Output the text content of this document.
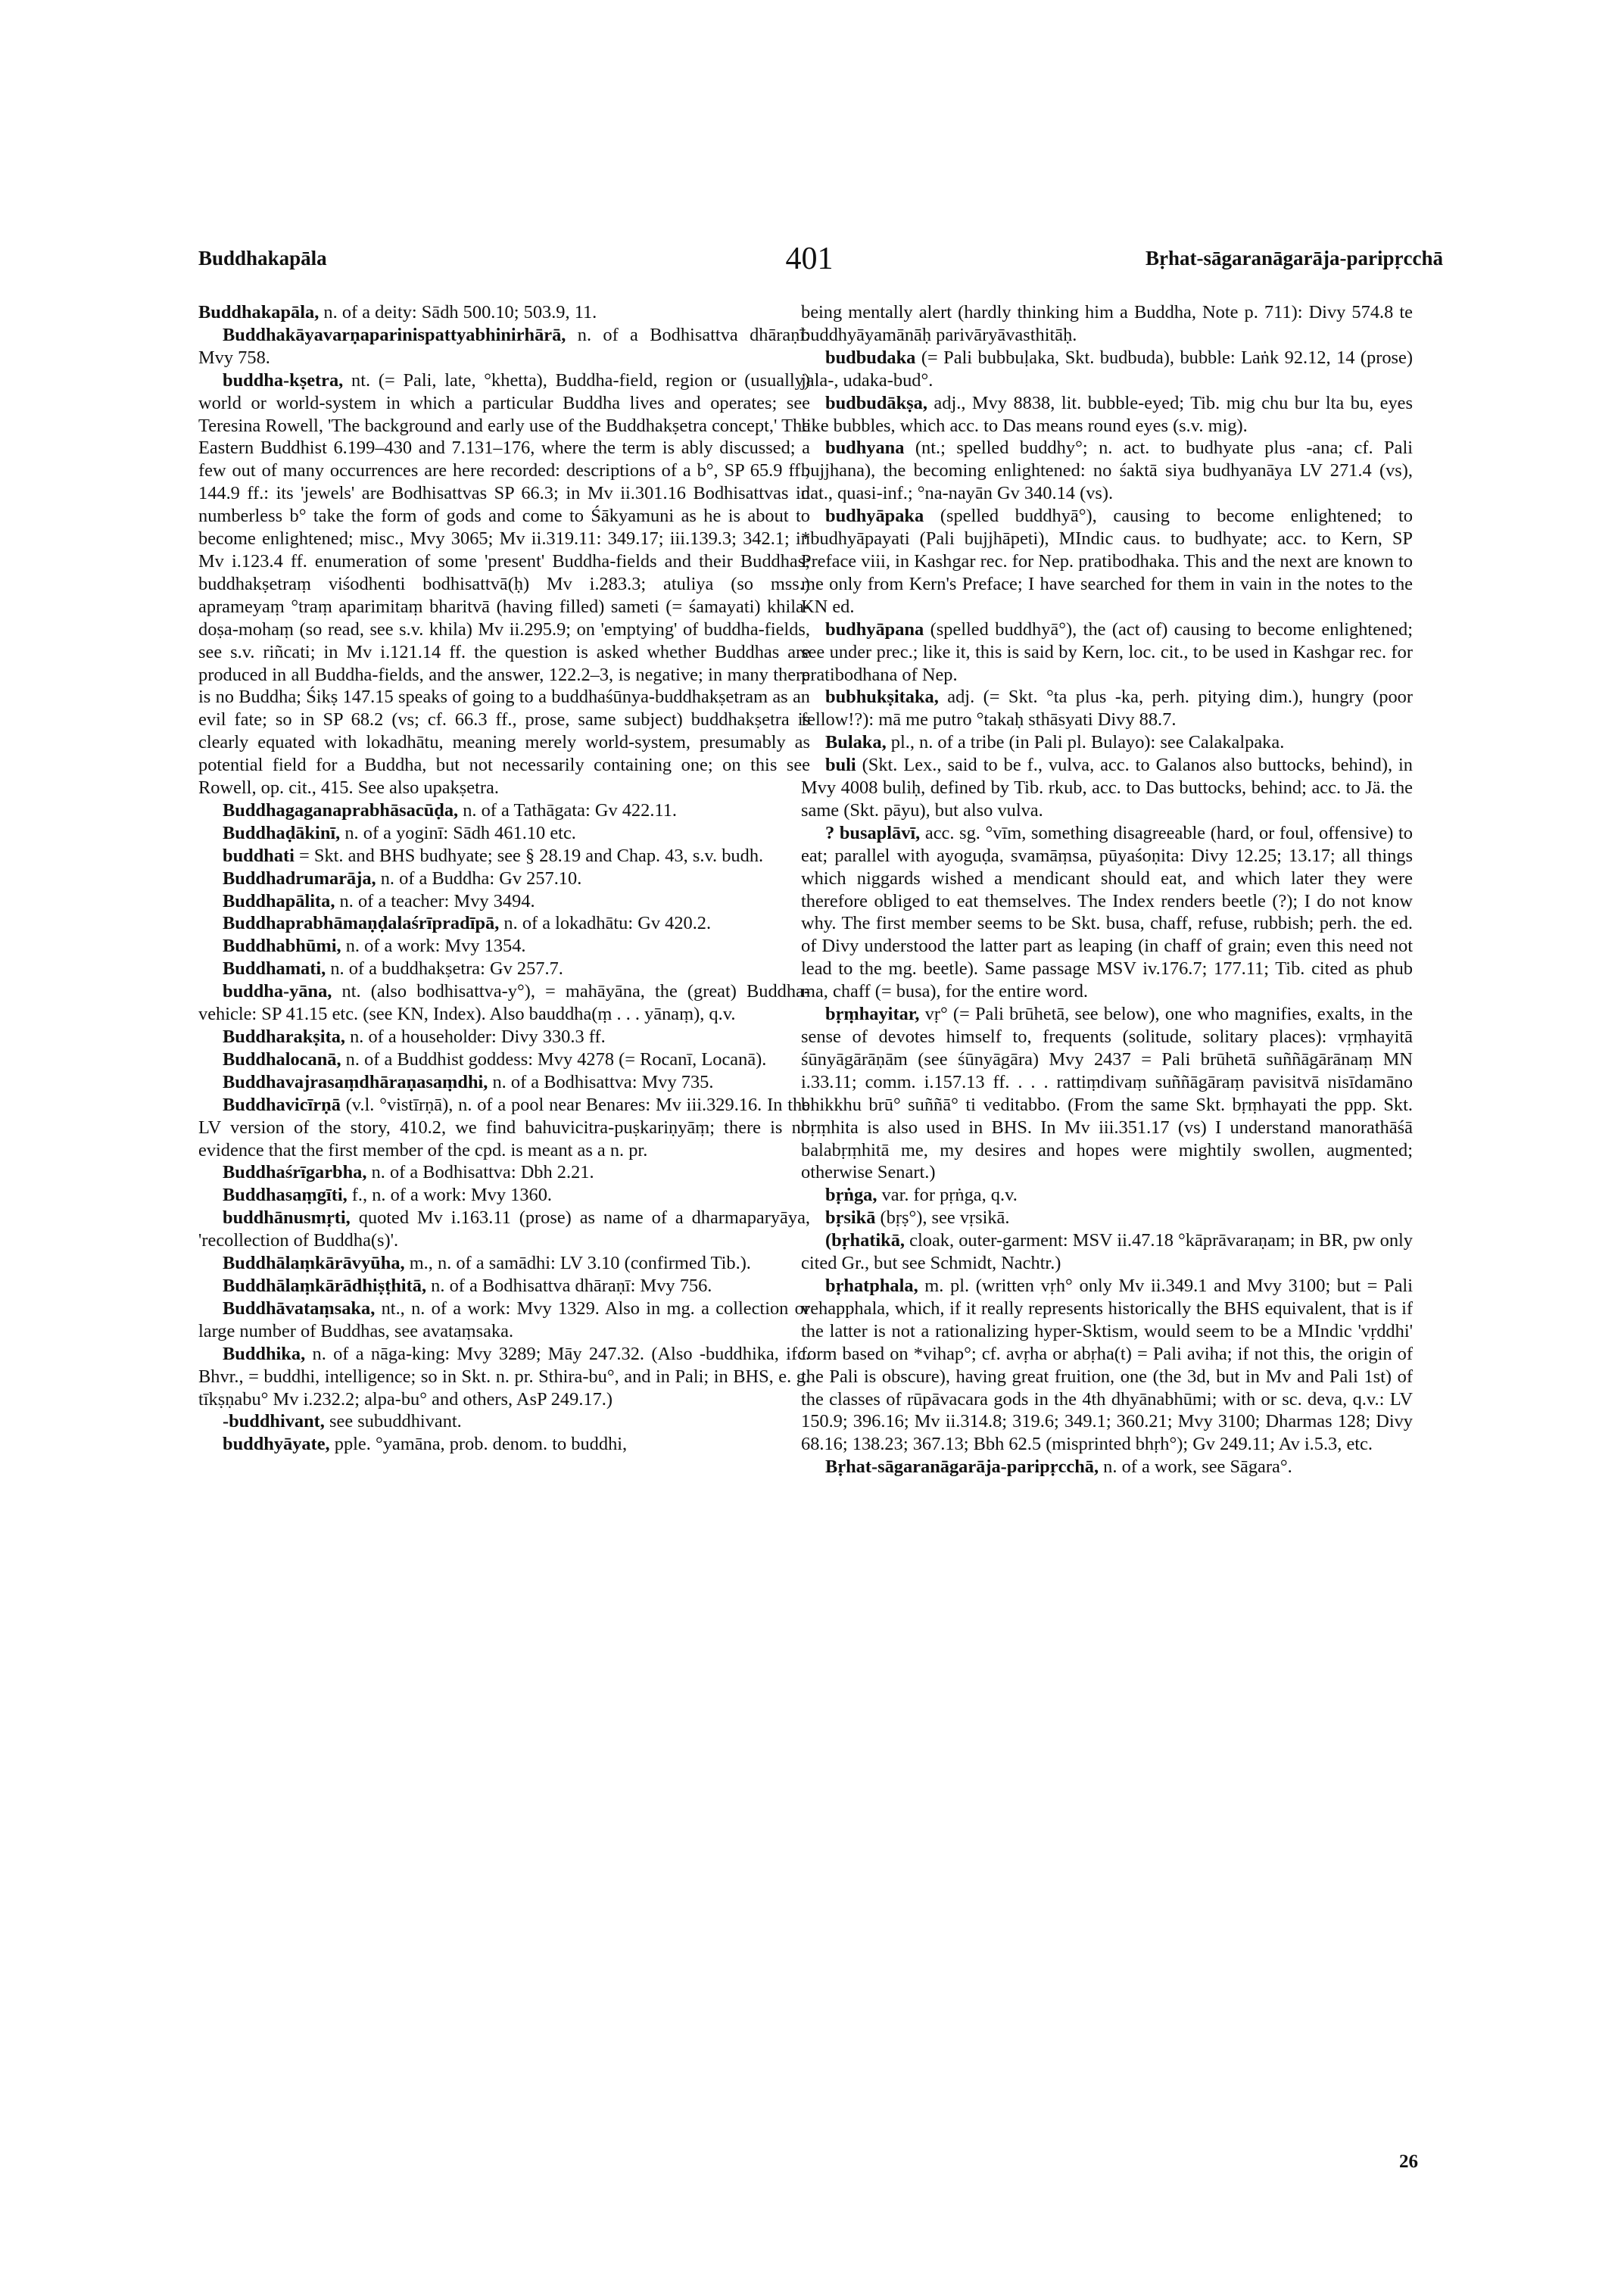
Buddhakapāla	401	Bṛhat-sāgaranāgarāja-paripṛcchā

Buddhakapāla, n. of a deity: Sādh 500.10; 503.9, 11.

Buddhakāyavarṇaparinispattyabhinirhārā, n. of a Bodhisattva dhāraṇī: Mvy 758.

buddha-kṣetra, nt. (= Pali, late, °khetta), Buddha-field, region or (usually) world or world-system in which a particular Buddha lives and operates; see Teresina Rowell, 'The background and early use of the Buddhakṣetra concept,' The Eastern Buddhist 6.199–430 and 7.131–176, where the term is ably discussed; a few out of many occurrences are here recorded: descriptions of a b°, SP 65.9 ff.; 144.9 ff.: its 'jewels' are Bodhisattvas SP 66.3; in Mv ii.301.16 Bodhisattvas in numberless b° take the form of gods and come to Śākyamuni as he is about to become enlightened; misc., Mvy 3065; Mv ii.319.11: 349.17; iii.139.3; 342.1; in Mv i.123.4 ff. enumeration of some 'present' Buddha-fields and their Buddhas; buddhakṣetraṃ viśodhenti bodhisattvā(ḥ) Mv i.283.3; atuliya (so mss.) aprameyaṃ °traṃ aparimitaṃ bharitvā (having filled) sameti (= śamayati) khila-doṣa-mohaṃ (so read, see s.v. khila) Mv ii.295.9; on 'emptying' of buddha-fields, see s.v. riñcati; in Mv i.121.14 ff. the question is asked whether Buddhas are produced in all Buddha-fields, and the answer, 122.2–3, is negative; in many there is no Buddha; Śikṣ 147.15 speaks of going to a buddhaśūnya-buddhakṣetram as an evil fate; so in SP 68.2 (vs; cf. 66.3 ff., prose, same subject) buddhakṣetra is clearly equated with lokadhātu, meaning merely world-system, presumably as potential field for a Buddha, but not necessarily containing one; on this see Rowell, op. cit., 415. See also upakṣetra.

Buddhagaganaprabhāsacūḍa, n. of a Tathāgata: Gv 422.11.

Buddhaḍākinī, n. of a yoginī: Sādh 461.10 etc.

buddhati = Skt. and BHS budhyate; see § 28.19 and Chap. 43, s.v. budh.

Buddhadrumarāja, n. of a Buddha: Gv 257.10.

Buddhapālita, n. of a teacher: Mvy 3494.

Buddhaprabhāmaṇḍalaśrīpradīpā, n. of a lokadhātu: Gv 420.2.

Buddhabhūmi, n. of a work: Mvy 1354.

Buddhamati, n. of a buddhakṣetra: Gv 257.7.

buddha-yāna, nt. (also bodhisattva-y°), = mahāyāna, the (great) Buddha-vehicle: SP 41.15 etc. (see KN, Index). Also bauddha(ṃ . . . yānaṃ), q.v.

Buddharakṣita, n. of a householder: Divy 330.3 ff.

Buddhalocanā, n. of a Buddhist goddess: Mvy 4278 (= Rocanī, Locanā).

Buddhavajrasaṃdhāraṇasaṃdhi, n. of a Bodhisattva: Mvy 735.

Buddhavicīrṇā (v.l. °vistīrṇā), n. of a pool near Benares: Mv iii.329.16. In the LV version of the story, 410.2, we find bahuvicitra-puṣkariṇyāṃ; there is no evidence that the first member of the cpd. is meant as a n. pr.

Buddhaśrīgarbha, n. of a Bodhisattva: Dbh 2.21.

Buddhasaṃgīti, f., n. of a work: Mvy 1360.

buddhānusmṛti, quoted Mv i.163.11 (prose) as name of a dharmaparyāya, 'recollection of Buddha(s)'.

Buddhālaṃkārāvyūha, m., n. of a samādhi: LV 3.10 (confirmed Tib.).

Buddhālaṃkārādhiṣṭhitā, n. of a Bodhisattva dhāraṇī: Mvy 756.

Buddhāvataṃsaka, nt., n. of a work: Mvy 1329. Also in mg. a collection or large number of Buddhas, see avataṃsaka.

Buddhika, n. of a nāga-king: Mvy 3289; Māy 247.32. (Also -buddhika, ifc. Bhvr., = buddhi, intelligence; so in Skt. n. pr. Sthira-bu°, and in Pali; in BHS, e. g. tīkṣṇabu° Mv i.232.2; alpa-bu° and others, AsP 249.17.)

-buddhivant, see subuddhivant.

buddhyāyate, pple. °yamāna, prob. denom. to buddhi,

being mentally alert (hardly thinking him a Buddha, Note p. 711): Divy 574.8 te buddhyāyamānāḥ parivāryāvasthitāḥ.

budbudaka (= Pali bubbuḷaka, Skt. budbuda), bubble: Laṅk 92.12, 14 (prose) jala-, udaka-bud°.

budbudākṣa, adj., Mvy 8838, lit. bubble-eyed; Tib. mig chu bur lta bu, eyes like bubbles, which acc. to Das means round eyes (s.v. mig).

budhyana (nt.; spelled buddhy°; n. act. to budhyate plus -ana; cf. Pali bujjhana), the becoming enlightened: no śaktā siya budhyanāya LV 271.4 (vs), dat., quasi-inf.; °na-nayān Gv 340.14 (vs).

budhyāpaka (spelled buddhyā°), causing to become enlightened; to *budhyāpayati (Pali bujjhāpeti), MIndic caus. to budhyate; acc. to Kern, SP Preface viii, in Kashgar rec. for Nep. pratibodhaka. This and the next are known to me only from Kern's Preface; I have searched for them in vain in the notes to the KN ed.

budhyāpana (spelled buddhyā°), the (act of) causing to become enlightened; see under prec.; like it, this is said by Kern, loc. cit., to be used in Kashgar rec. for pratibodhana of Nep.

bubhukṣitaka, adj. (= Skt. °ta plus -ka, perh. pitying dim.), hungry (poor fellow!?): mā me putro °takaḥ sthāsyati Divy 88.7.

Bulaka, pl., n. of a tribe (in Pali pl. Bulayo): see Calakalpaka.

buli (Skt. Lex., said to be f., vulva, acc. to Galanos also buttocks, behind), in Mvy 4008 buliḥ, defined by Tib. rkub, acc. to Das buttocks, behind; acc. to Jä. the same (Skt. pāyu), but also vulva.

? busaplāvī, acc. sg. °vīm, something disagreeable (hard, or foul, offensive) to eat; parallel with ayoguḍa, svamāṃsa, pūyaśoṇita: Divy 12.25; 13.17; all things which niggards wished a mendicant should eat, and which later they were therefore obliged to eat themselves. The Index renders beetle (?); I do not know why. The first member seems to be Skt. busa, chaff, refuse, rubbish; perh. the ed. of Divy understood the latter part as leaping (in chaff of grain; even this need not lead to the mg. beetle). Same passage MSV iv.176.7; 177.11; Tib. cited as phub ma, chaff (= busa), for the entire word.

bṛṃhayitar, vṛ° (= Pali brūhetā, see below), one who magnifies, exalts, in the sense of devotes himself to, frequents (solitude, solitary places): vṛṃhayitā śūnyāgārāṇām (see śūnyāgāra) Mvy 2437 = Pali brūhetā suññāgārānaṃ MN i.33.11; comm. i.157.13 ff. . . . rattiṃdivaṃ suññāgāraṃ pavisitvā nisīdamāno bhikkhu brū° suññā° ti veditabbo. (From the same Skt. bṛṃhayati the ppp. Skt. bṛṃhita is also used in BHS. In Mv iii.351.17 (vs) I understand manorathāśā balabṛṃhitā me, my desires and hopes were mightily swollen, augmented; otherwise Senart.)

bṛṅga, var. for pṛṅga, q.v.

bṛsikā (bṛṣ°), see vṛsikā.

(bṛhatikā, cloak, outer-garment: MSV ii.47.18 °kāprāvaraṇam; in BR, pw only cited Gr., but see Schmidt, Nachtr.)

bṛhatphala, m. pl. (written vṛh° only Mv ii.349.1 and Mvy 3100; but = Pali vehapphala, which, if it really represents historically the BHS equivalent, that is if the latter is not a rationalizing hyper-Sktism, would seem to be a MIndic 'vṛddhi' form based on *vihap°; cf. avṛha or abṛha(t) = Pali aviha; if not this, the origin of the Pali is obscure), having great fruition, one (the 3d, but in Mv and Pali 1st) of the classes of rūpāvacara gods in the 4th dhyānabhūmi; with or sc. deva, q.v.: LV 150.9; 396.16; Mv ii.314.8; 319.6; 349.1; 360.21; Mvy 3100; Dharmas 128; Divy 68.16; 138.23; 367.13; Bbh 62.5 (misprinted bhṛh°); Gv 249.11; Av i.5.3, etc.

Bṛhat-sāgaranāgarāja-paripṛcchā, n. of a work, see Sāgara°.

26
